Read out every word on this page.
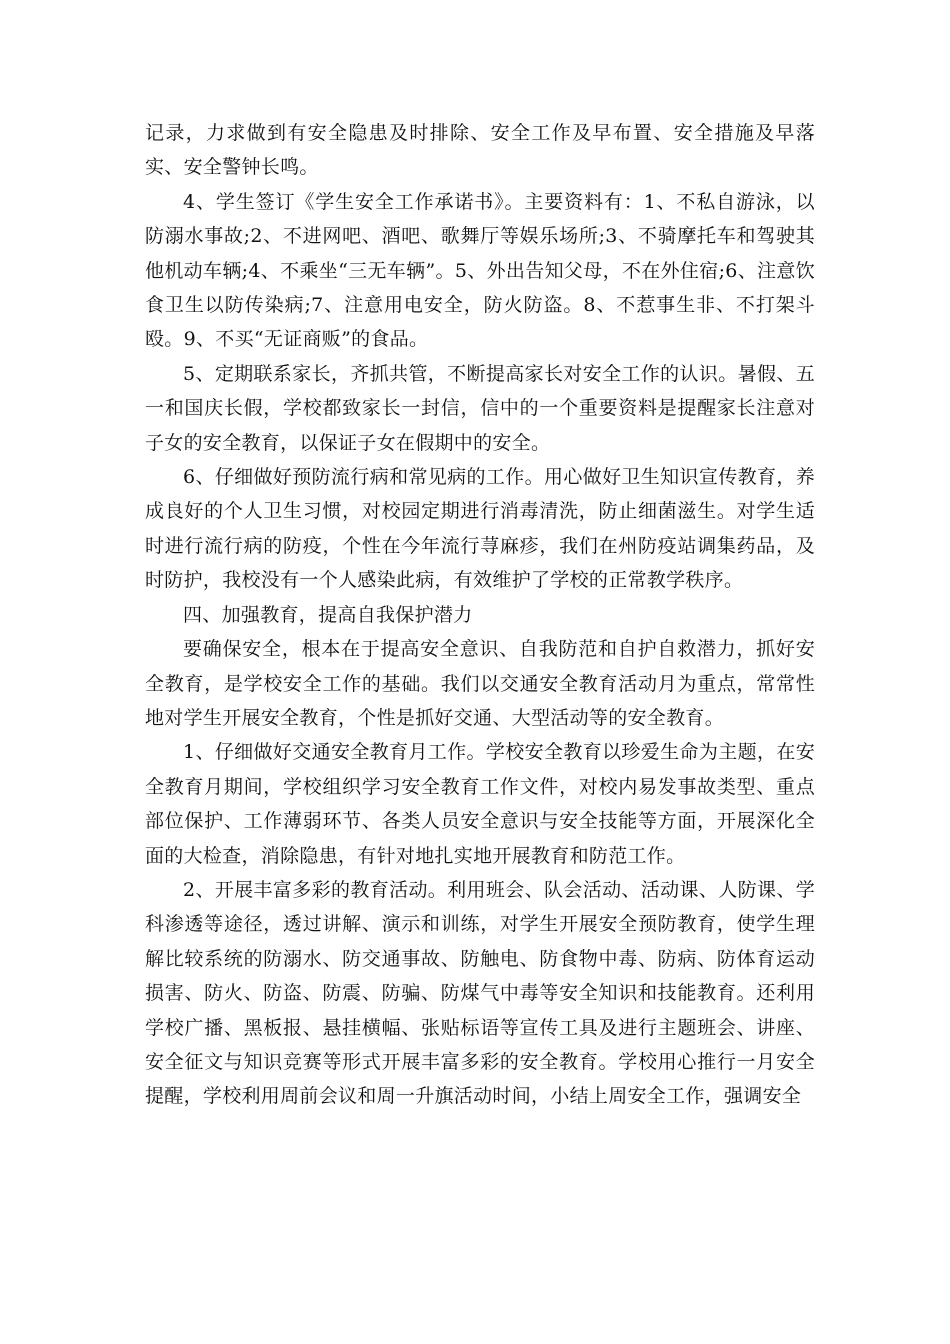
记录，力求做到有安全隐患及时排除、安全工作及早布置、安全措施及早落实、安全警钟长鸣。

4、学生签订《学生安全工作承诺书》。主要资料有：1、不私自游泳，以防溺水事故;2、不进网吧、酒吧、歌舞厅等娱乐场所;3、不骑摩托车和驾驶其他机动车辆;4、不乘坐“三无车辆”。5、外出告知父母，不在外住宿;6、注意饮食卫生以防传染病;7、注意用电安全，防火防盗。8、不惹事生非、不打架斗殴。9、不买“无证商贩”的食品。

5、定期联系家长，齐抓共管，不断提高家长对安全工作的认识。暑假、五一和国庆长假，学校都致家长一封信，信中的一个重要资料是提醒家长注意对子女的安全教育，以保证子女在假期中的安全。

6、仔细做好预防流行病和常见病的工作。用心做好卫生知识宣传教育，养成良好的个人卫生习惯，对校园定期进行消毒清洗，防止细菌滋生。对学生适时进行流行病的防疫，个性在今年流行荨麻疹，我们在州防疫站调集药品，及时防护，我校没有一个人感染此病，有效维护了学校的正常教学秩序。

四、加强教育，提高自我保护潜力

要确保安全，根本在于提高安全意识、自我防范和自护自救潜力，抓好安全教育，是学校安全工作的基础。我们以交通安全教育活动月为重点，常常性地对学生开展安全教育，个性是抓好交通、大型活动等的安全教育。

1、仔细做好交通安全教育月工作。学校安全教育以珍爱生命为主题，在安全教育月期间，学校组织学习安全教育工作文件，对校内易发事故类型、重点部位保护、工作薄弱环节、各类人员安全意识与安全技能等方面，开展深化全面的大检查，消除隐患，有针对地扎实地开展教育和防范工作。

2、开展丰富多彩的教育活动。利用班会、队会活动、活动课、人防课、学科渗透等途径，透过讲解、演示和训练，对学生开展安全预防教育，使学生理解比较系统的防溺水、防交通事故、防触电、防食物中毒、防病、防体育运动损害、防火、防盗、防震、防骗、防煤气中毒等安全知识和技能教育。还利用学校广播、黑板报、悬挂横幅、张贴标语等宣传工具及进行主题班会、讲座、安全征文与知识竞赛等形式开展丰富多彩的安全教育。学校用心推行一月安全提醒，学校利用周前会议和周一升旗活动时间，小结上周安全工作，强调安全
